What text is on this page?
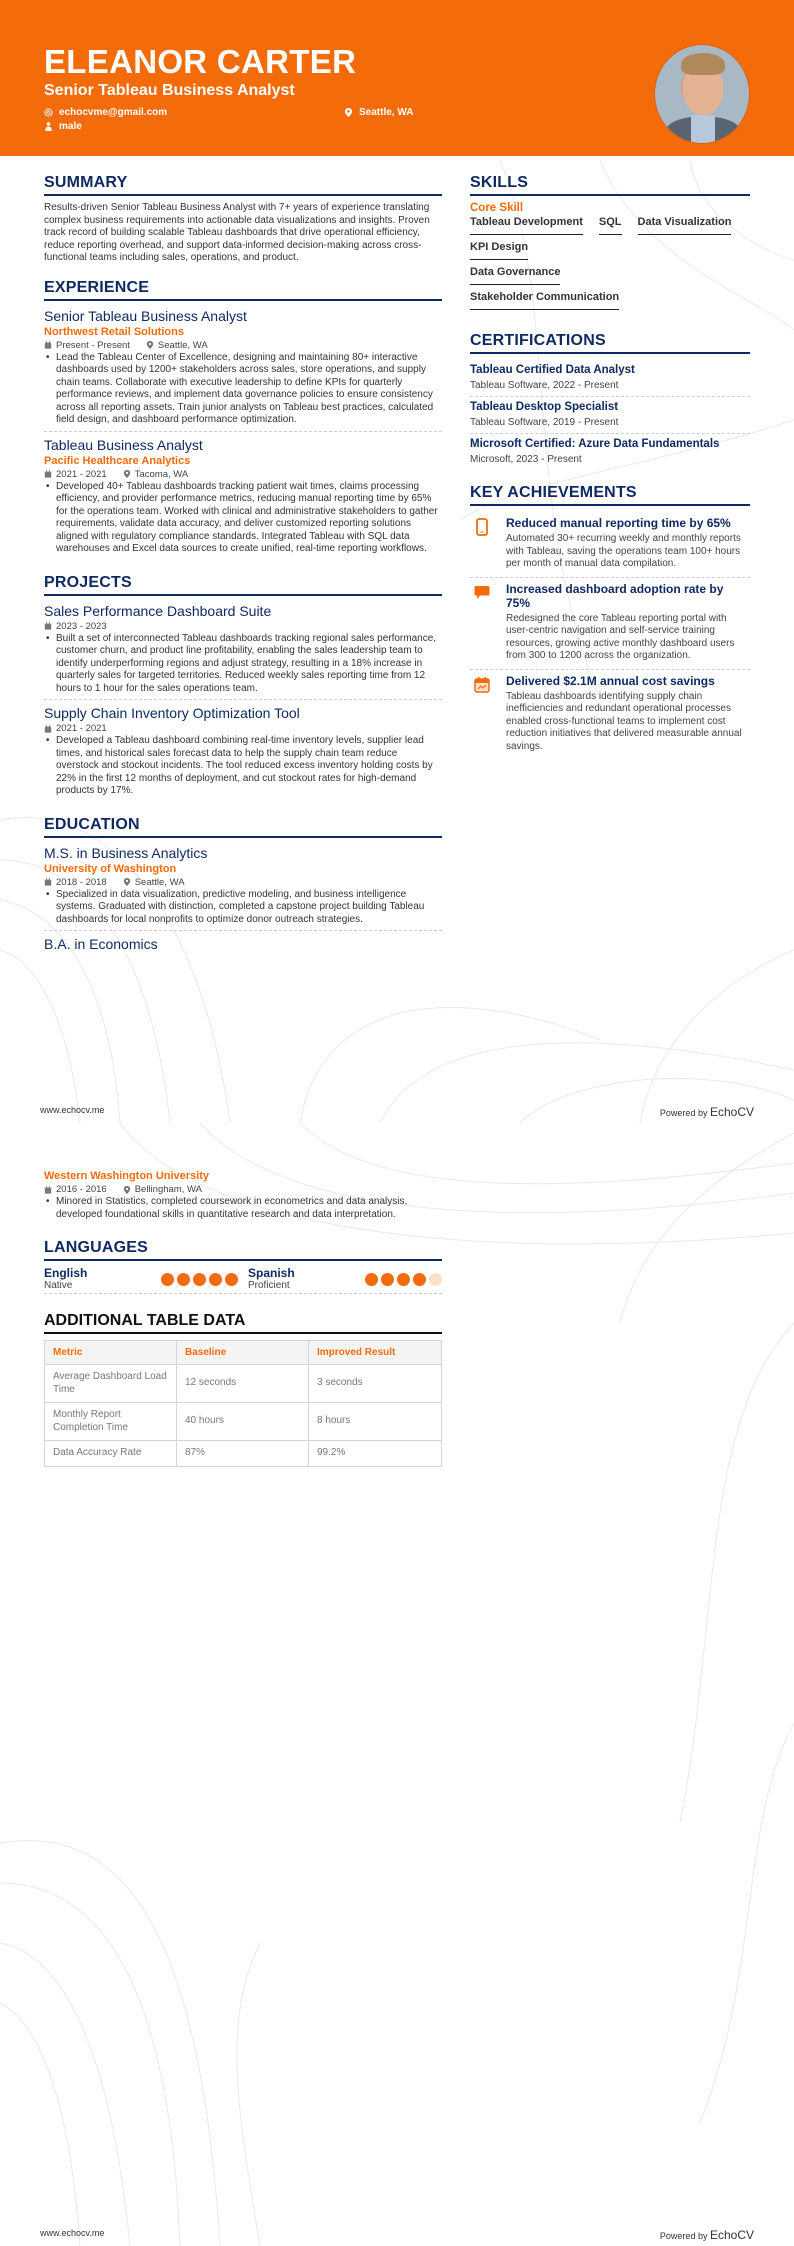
ELEANOR CARTER
Senior Tableau Business Analyst
echocvme@gmail.com	Seattle, WA
male
SUMMARY
Results-driven Senior Tableau Business Analyst with 7+ years of experience translating complex business requirements into actionable data visualizations and insights. Proven track record of building scalable Tableau dashboards that drive operational efficiency, reduce reporting overhead, and support data-informed decision-making across cross-functional teams including sales, operations, and product.
EXPERIENCE
Senior Tableau Business Analyst
Northwest Retail Solutions
Present - Present	Seattle, WA
• Lead the Tableau Center of Excellence, designing and maintaining 80+ interactive dashboards used by 1200+ stakeholders across sales, store operations, and supply chain teams. Collaborate with executive leadership to define KPIs for quarterly performance reviews, and implement data governance policies to ensure consistency across all reporting assets. Train junior analysts on Tableau best practices, calculated field design, and dashboard performance optimization.
Tableau Business Analyst
Pacific Healthcare Analytics
2021 - 2021	Tacoma, WA
• Developed 40+ Tableau dashboards tracking patient wait times, claims processing efficiency, and provider performance metrics, reducing manual reporting time by 65% for the operations team. Worked with clinical and administrative stakeholders to gather requirements, validate data accuracy, and deliver customized reporting solutions aligned with regulatory compliance standards. Integrated Tableau with SQL data warehouses and Excel data sources to create unified, real-time reporting workflows.
PROJECTS
Sales Performance Dashboard Suite
2023 - 2023
• Built a set of interconnected Tableau dashboards tracking regional sales performance, customer churn, and product line profitability, enabling the sales leadership team to identify underperforming regions and adjust strategy, resulting in a 18% increase in quarterly sales for targeted territories. Reduced weekly sales reporting time from 12 hours to 1 hour for the sales operations team.
Supply Chain Inventory Optimization Tool
2021 - 2021
• Developed a Tableau dashboard combining real-time inventory levels, supplier lead times, and historical sales forecast data to help the supply chain team reduce overstock and stockout incidents. The tool reduced excess inventory holding costs by 22% in the first 12 months of deployment, and cut stockout rates for high-demand products by 17%.
EDUCATION
M.S. in Business Analytics
University of Washington
2018 - 2018	Seattle, WA
• Specialized in data visualization, predictive modeling, and business intelligence systems. Graduated with distinction, completed a capstone project building Tableau dashboards for local nonprofits to optimize donor outreach strategies.
B.A. in Economics
SKILLS
Core Skill
Tableau Development SQL Data Visualization
KPI Design
Data Governance
Stakeholder Communication
CERTIFICATIONS
Tableau Certified Data Analyst
Tableau Software, 2022 - Present
Tableau Desktop Specialist
Tableau Software, 2019 - Present
Microsoft Certified: Azure Data Fundamentals
Microsoft, 2023 - Present
KEY ACHIEVEMENTS
Reduced manual reporting time by 65%
Automated 30+ recurring weekly and monthly reports with Tableau, saving the operations team 100+ hours per month of manual data compilation.
Increased dashboard adoption rate by 75%
Redesigned the core Tableau reporting portal with user-centric navigation and self-service training resources, growing active monthly dashboard users from 300 to 1200 across the organization.
Delivered $2.1M annual cost savings
Tableau dashboards identifying supply chain inefficiencies and redundant operational processes enabled cross-functional teams to implement cost reduction initiatives that delivered measurable annual savings.
www.echocv.me	Powered by EchoCV
Western Washington University
2016 - 2016	Bellingham, WA
• Minored in Statistics, completed coursework in econometrics and data analysis, developed foundational skills in quantitative research and data interpretation.
LANGUAGES
English
Native
Spanish
Proficient
ADDITIONAL TABLE DATA
Metric	Baseline	Improved Result
Average Dashboard Load Time	12 seconds	3 seconds
Monthly Report Completion Time	40 hours	8 hours
Data Accuracy Rate	87%	99.2%
www.echocv.me	Powered by EchoCV
